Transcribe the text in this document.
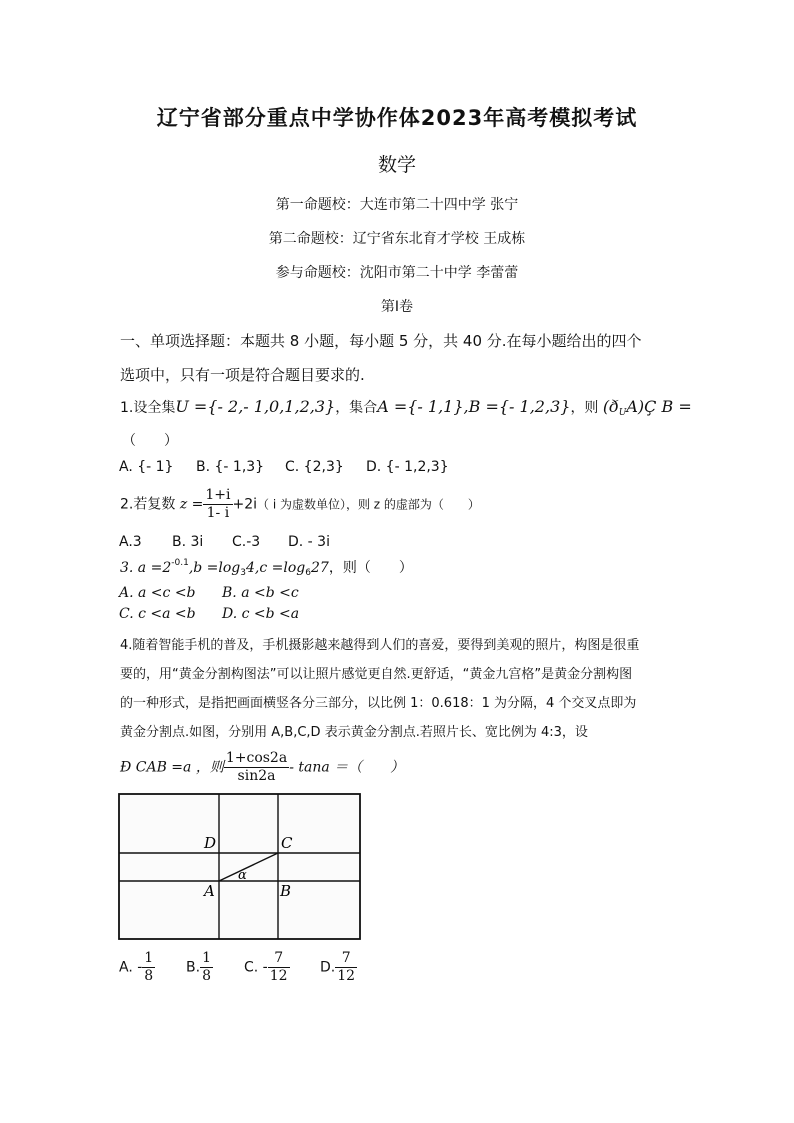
辽宁省部分重点中学协作体2023年高考模拟考试
数学
第一命题校：大连市第二十四中学 张宁
第二命题校：辽宁省东北育才学校 王成栋
参与命题校：沈阳市第二十中学 李蕾蕾
第Ⅰ卷
一、单项选择题：本题共 8 小题，每小题 5 分，共 40 分.在每小题给出的四个
选项中，只有一项是符合题目要求的.
1.设全集U ={- 2,- 1,0,1,2,3}，集合A ={- 1,1},B ={- 1,2,3}，则 $(ð_UA)Ç$ B =
（　　）
A. {- 1} B. {- 1,3} C. {2,3} D. {- 1,2,3}
2.若复数 $z = \frac{1+i}{1- i} +2i$（ i 为虚数单位），则 z 的虚部为（　　）
A.3 B. 3i C.-3 D. - 3i
3. $a =2^{-0.1},b =\log_34,c =\log_627$，则（　　）
A. a <c <b B. a <b <c
C. c <a <b D. c <b <a
4.随着智能手机的普及，手机摄影越来越得到人们的喜爱，要得到美观的照片，构图是很重
要的，用“黄金分割构图法”可以让照片感觉更自然.更舒适，“黄金九宫格”是黄金分割构图
的一种形式，是指把画面横竖各分三部分，以比例 1：0.618：1 为分隔，4 个交叉点即为
黄金分割点.如图，分别用 A,B,C,D 表示黄金分割点.若照片长、宽比例为 4:3，设
Ð CAB =a ，则 $\frac{1+\cos 2a}{\sin 2a}$ - tana ＝（　　）
D	C
A	B
α
A. - $\frac{1}{8} B$. $\frac{1}{8} C$. - $\frac{7}{12} D$. $\frac{7}{12}$
